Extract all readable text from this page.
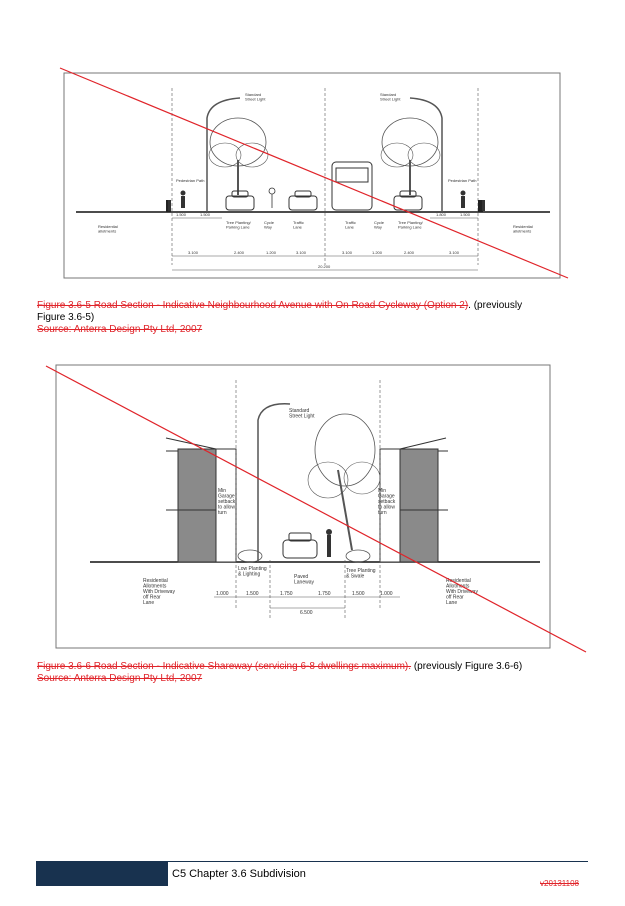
Standard Street Light
Standard Street Light
Pedestrian Path	Pedestrian Path
Residential allotments
Residential allotments
Tree Planting/ Parking Lane
Cycle Way
Traffic Lane
Traffic Lane
Cycle Way
Tree Planting/ Parking Lane
1.500	1.500	1.800	1.500
3.100	2.400	1.200	3.100	3.100	1.200	2.400	3.100
20.200
Figure 3.6-5 Road Section - Indicative Neighbourhood Avenue with On Road Cycleway (Option 2). (previously
Figure 3.6-5)
Source: Anterra Design Pty Ltd, 2007
Standard Street Light
Min Garage setback to allow turn
Min Garage setback to allow turn
Low Planting & Lighting	Paved Laneway
Tree Planting & Swale
Residential Allotments With Driveway off Rear Lane
Residential Allotments With Driveway off Rear Lane
1.000	1.500	1.750	1.750	1.500	1.000
6.500
Figure 3.6-6 Road Section - Indicative Shareway (servicing 6-8 dwellings maximum). (previously Figure 3.6-6)
Source: Anterra Design Pty Ltd, 2007
C5 Chapter 3.6 Subdivision
v20131108
